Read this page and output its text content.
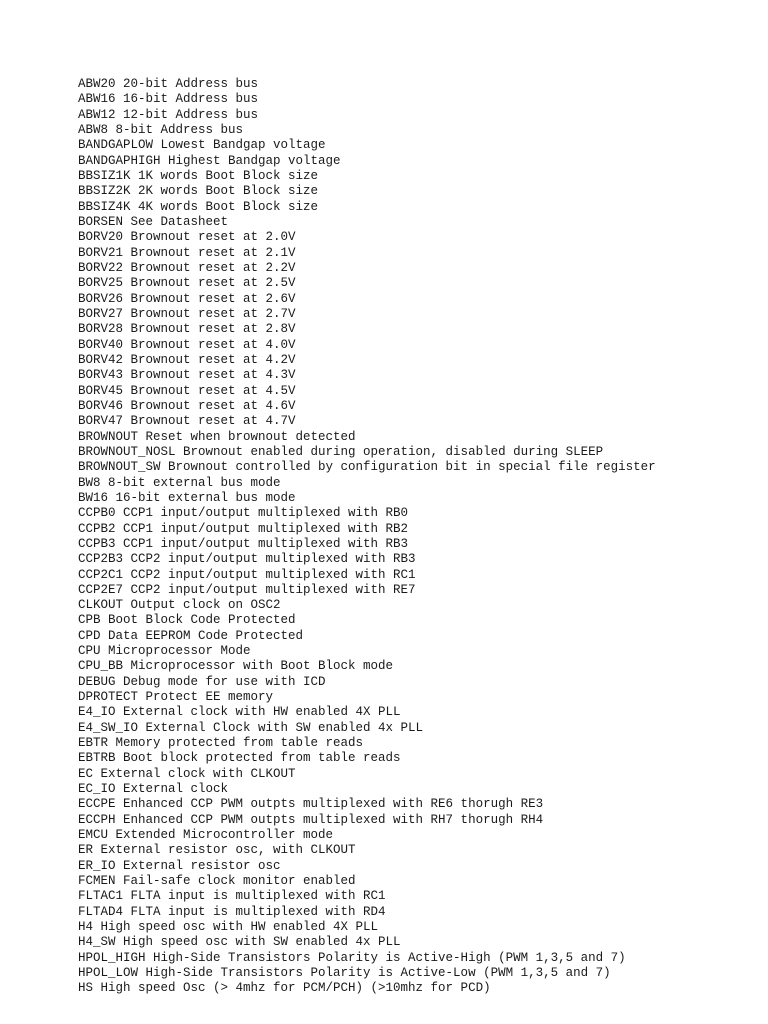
ABW20 20-bit Address bus
ABW16 16-bit Address bus
ABW12 12-bit Address bus
ABW8 8-bit Address bus
BANDGAPLOW Lowest Bandgap voltage
BANDGAPHIGH Highest Bandgap voltage
BBSIZ1K 1K words Boot Block size
BBSIZ2K 2K words Boot Block size
BBSIZ4K 4K words Boot Block size
BORSEN See Datasheet
BORV20 Brownout reset at 2.0V
BORV21 Brownout reset at 2.1V
BORV22 Brownout reset at 2.2V
BORV25 Brownout reset at 2.5V
BORV26 Brownout reset at 2.6V
BORV27 Brownout reset at 2.7V
BORV28 Brownout reset at 2.8V
BORV40 Brownout reset at 4.0V
BORV42 Brownout reset at 4.2V
BORV43 Brownout reset at 4.3V
BORV45 Brownout reset at 4.5V
BORV46 Brownout reset at 4.6V
BORV47 Brownout reset at 4.7V
BROWNOUT Reset when brownout detected
BROWNOUT_NOSL Brownout enabled during operation, disabled during SLEEP
BROWNOUT_SW Brownout controlled by configuration bit in special file register
BW8 8-bit external bus mode
BW16 16-bit external bus mode
CCPB0 CCP1 input/output multiplexed with RB0
CCPB2 CCP1 input/output multiplexed with RB2
CCPB3 CCP1 input/output multiplexed with RB3
CCP2B3 CCP2 input/output multiplexed with RB3
CCP2C1 CCP2 input/output multiplexed with RC1
CCP2E7 CCP2 input/output multiplexed with RE7
CLKOUT Output clock on OSC2
CPB Boot Block Code Protected
CPD Data EEPROM Code Protected
CPU Microprocessor Mode
CPU_BB Microprocessor with Boot Block mode
DEBUG Debug mode for use with ICD
DPROTECT Protect EE memory
E4_IO External clock with HW enabled 4X PLL
E4_SW_IO External Clock with SW enabled 4x PLL
EBTR Memory protected from table reads
EBTRB Boot block protected from table reads
EC External clock with CLKOUT
EC_IO External clock
ECCPE Enhanced CCP PWM outpts multiplexed with RE6 thorugh RE3
ECCPH Enhanced CCP PWM outpts multiplexed with RH7 thorugh RH4
EMCU Extended Microcontroller mode
ER External resistor osc, with CLKOUT
ER_IO External resistor osc
FCMEN Fail-safe clock monitor enabled
FLTAC1 FLTA input is multiplexed with RC1
FLTAD4 FLTA input is multiplexed with RD4
H4 High speed osc with HW enabled 4X PLL
H4_SW High speed osc with SW enabled 4x PLL
HPOL_HIGH High-Side Transistors Polarity is Active-High (PWM 1,3,5 and 7)
HPOL_LOW High-Side Transistors Polarity is Active-Low (PWM 1,3,5 and 7)
HS High speed Osc (> 4mhz for PCM/PCH) (>10mhz for PCD)
